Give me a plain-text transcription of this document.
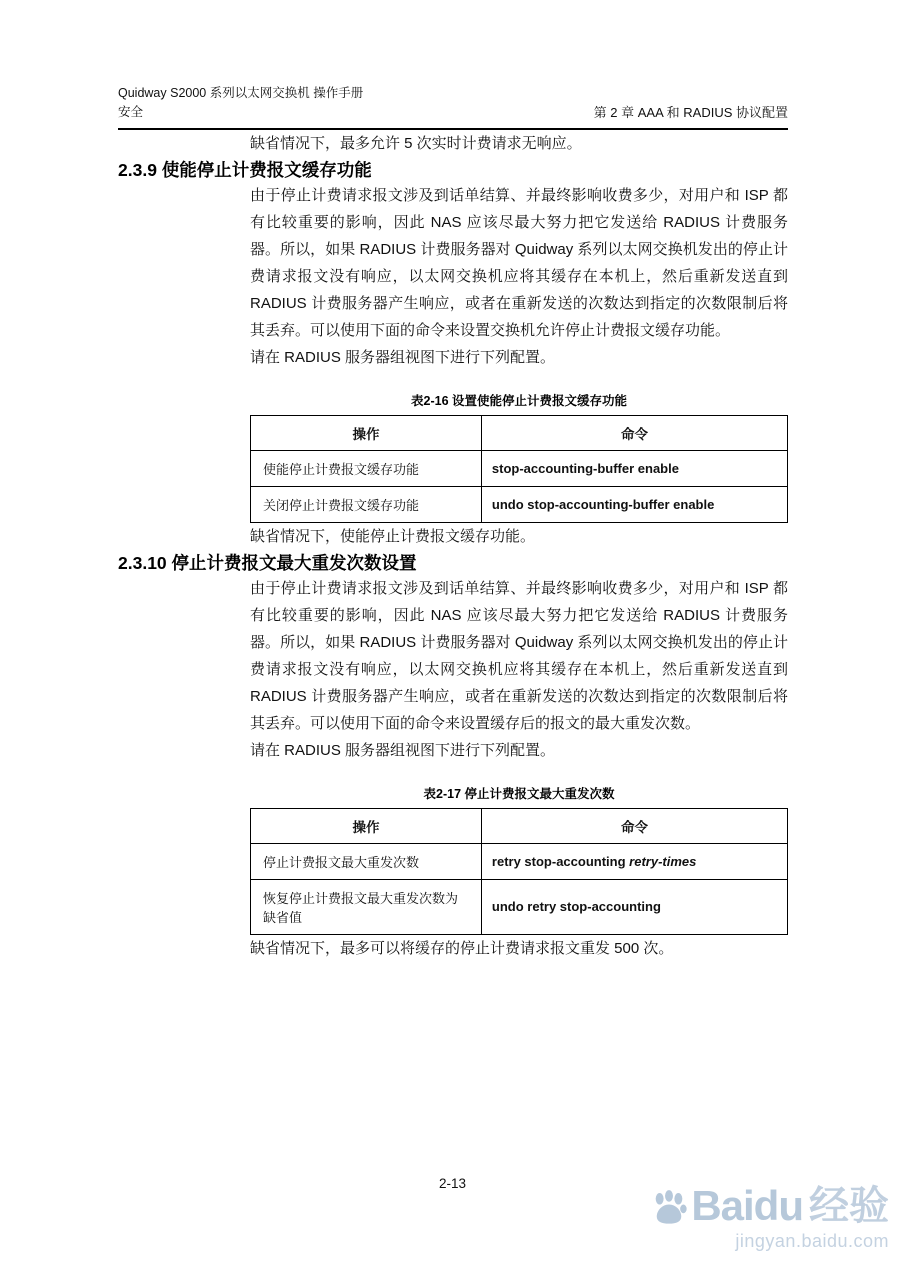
Quidway S2000 系列以太网交换机 操作手册
安全	第 2 章 AAA 和 RADIUS 协议配置

缺省情况下，最多允许 5 次实时计费请求无响应。

2.3.9 使能停止计费报文缓存功能

由于停止计费请求报文涉及到话单结算、并最终影响收费多少，对用户和 ISP 都有比较重要的影响，因此 NAS 应该尽最大努力把它发送给 RADIUS 计费服务器。所以，如果 RADIUS 计费服务器对 Quidway 系列以太网交换机发出的停止计费请求报文没有响应，以太网交换机应将其缓存在本机上，然后重新发送直到 RADIUS 计费服务器产生响应，或者在重新发送的次数达到指定的次数限制后将其丢弃。可以使用下面的命令来设置交换机允许停止计费报文缓存功能。

请在 RADIUS 服务器组视图下进行下列配置。

表2-16 设置使能停止计费报文缓存功能
操作	命令
使能停止计费报文缓存功能	stop-accounting-buffer enable
关闭停止计费报文缓存功能	undo stop-accounting-buffer enable

缺省情况下，使能停止计费报文缓存功能。

2.3.10 停止计费报文最大重发次数设置

由于停止计费请求报文涉及到话单结算、并最终影响收费多少，对用户和 ISP 都有比较重要的影响，因此 NAS 应该尽最大努力把它发送给 RADIUS 计费服务器。所以，如果 RADIUS 计费服务器对 Quidway 系列以太网交换机发出的停止计费请求报文没有响应，以太网交换机应将其缓存在本机上，然后重新发送直到 RADIUS 计费服务器产生响应，或者在重新发送的次数达到指定的次数限制后将其丢弃。可以使用下面的命令来设置缓存后的报文的最大重发次数。

请在 RADIUS 服务器组视图下进行下列配置。

表2-17 停止计费报文最大重发次数
操作	命令
停止计费报文最大重发次数	retry stop-accounting retry-times
恢复停止计费报文最大重发次数为缺省值	undo retry stop-accounting

缺省情况下，最多可以将缓存的停止计费请求报文重发 500 次。

2-13	Baidu 经验
jingyan.baidu.com
